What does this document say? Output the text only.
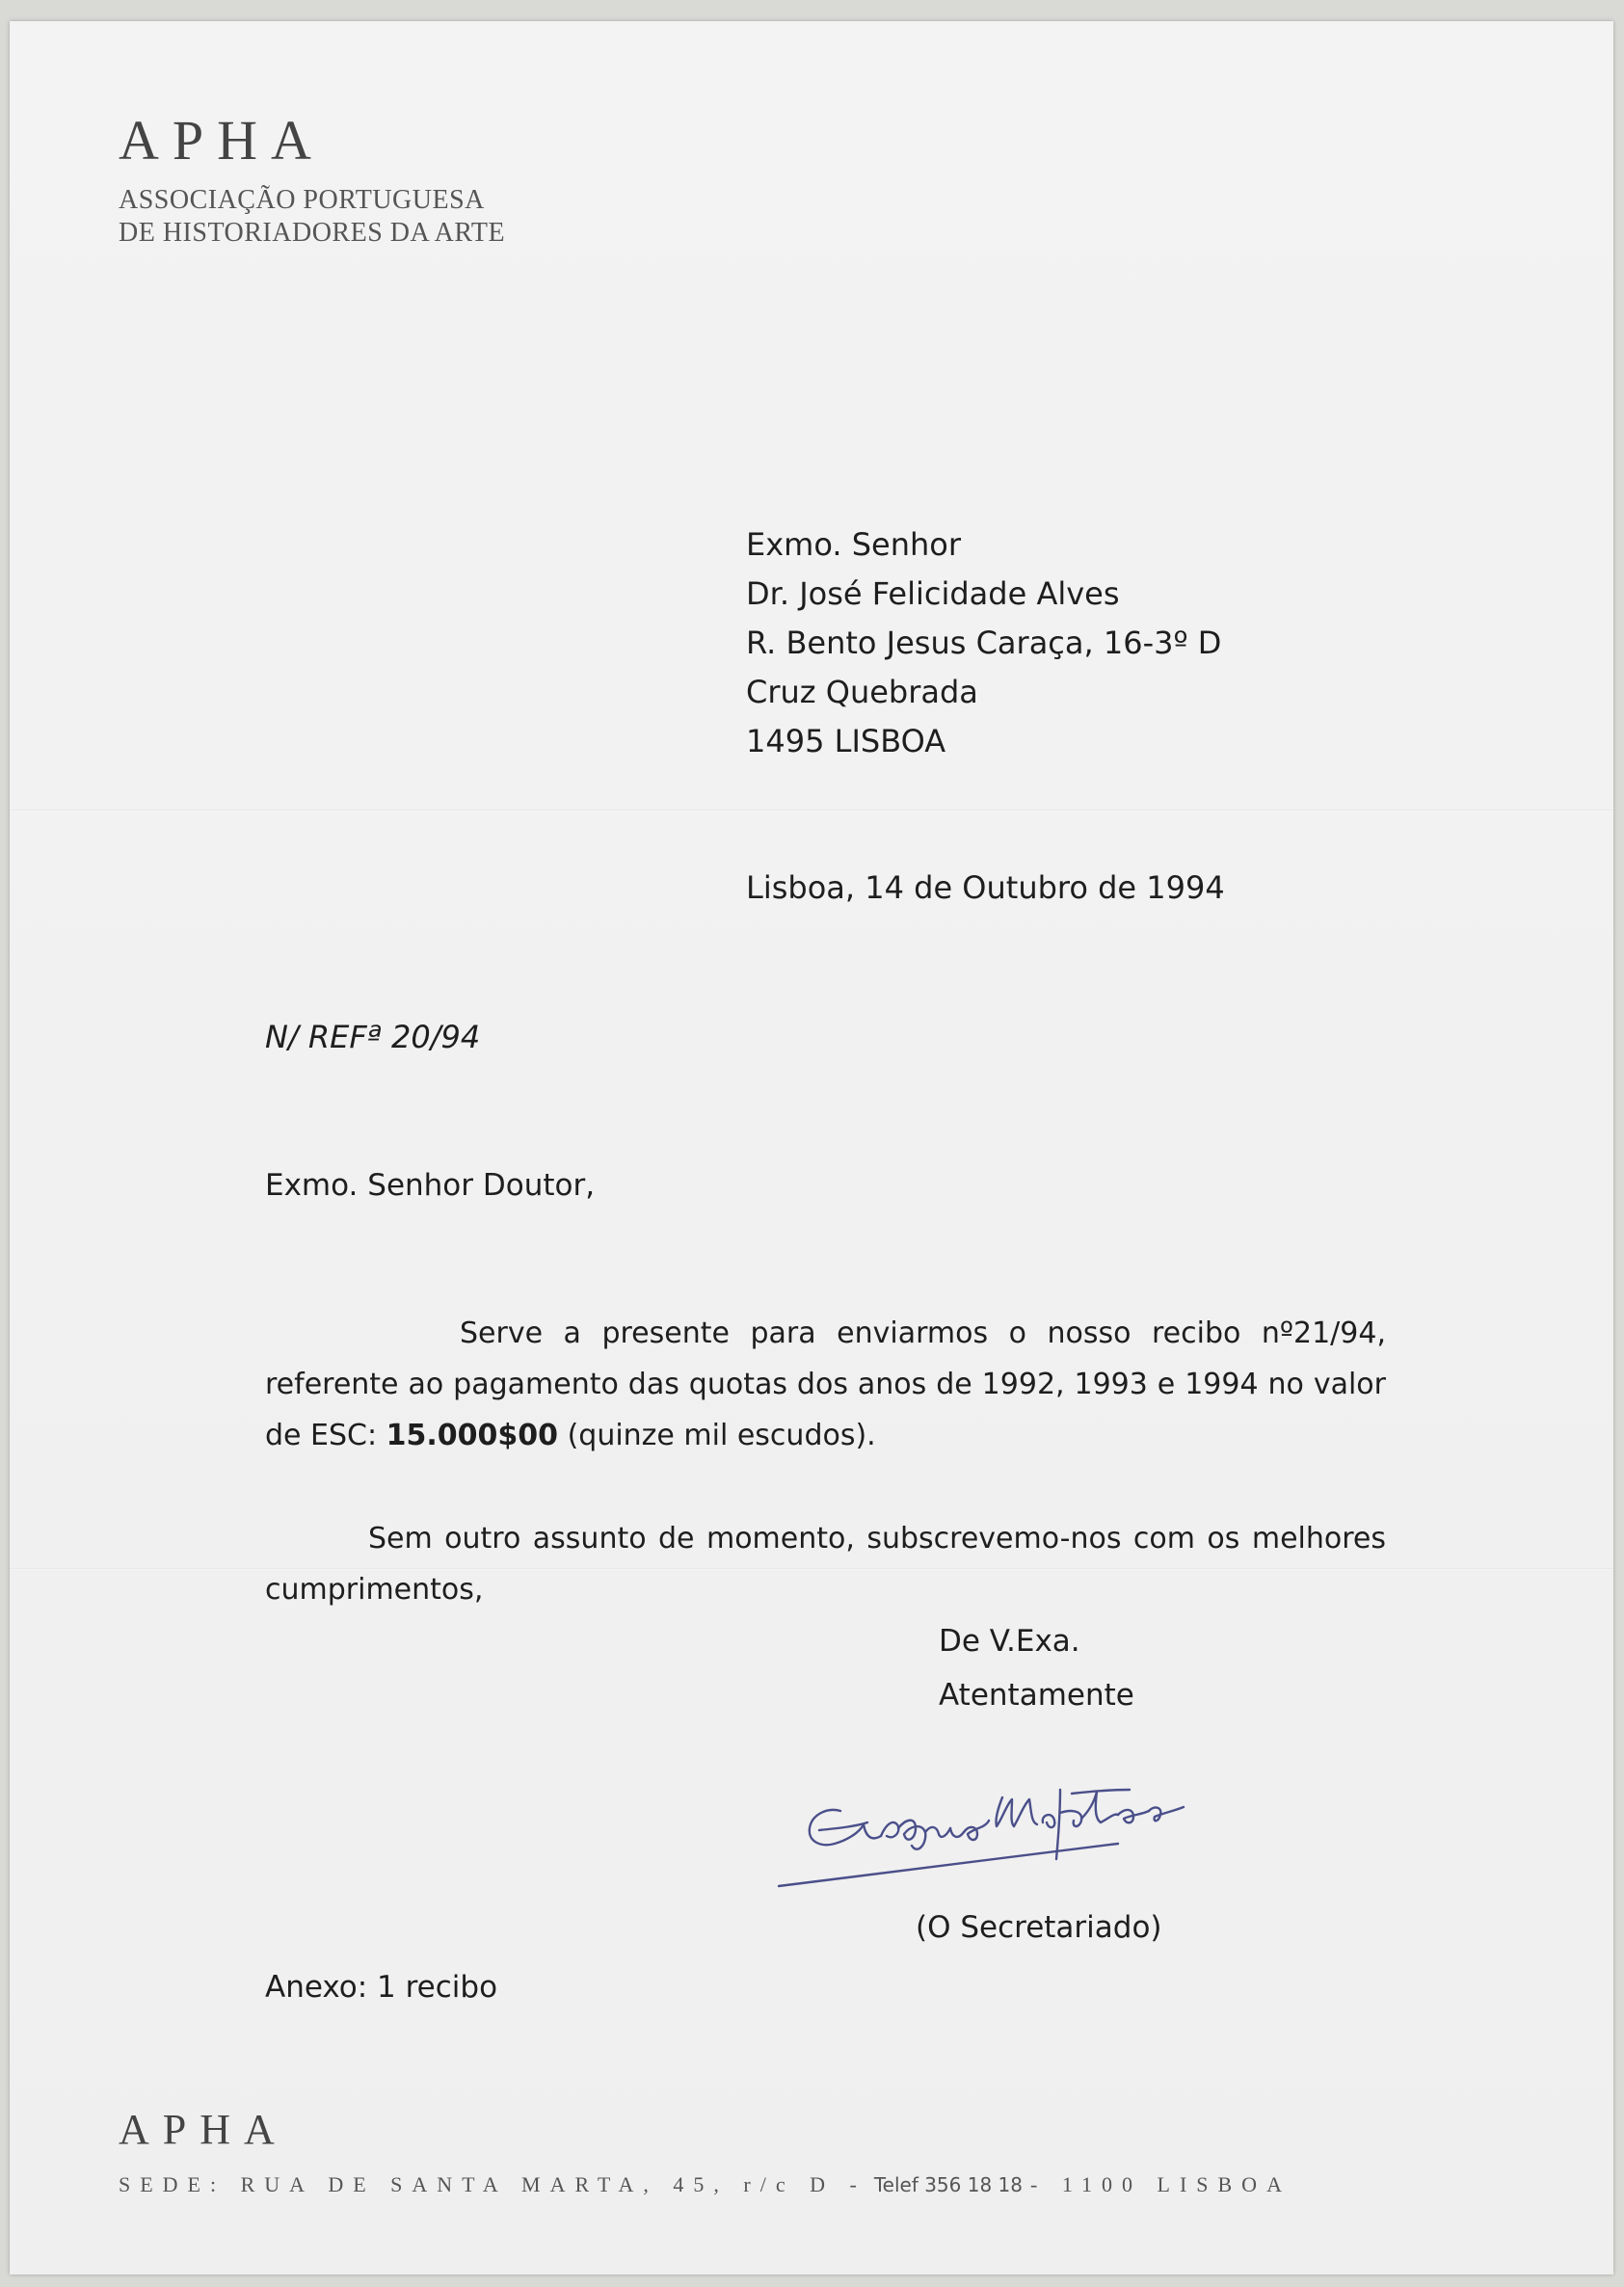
APHA
ASSOCIAÇÃO PORTUGUESA
DE HISTORIADORES DA ARTE
Exmo. Senhor
Dr. José Felicidade Alves
R. Bento Jesus Caraça, 16-3º D
Cruz Quebrada
1495 LISBOA
Lisboa, 14 de Outubro de 1994
N/ REFª 20/94
Exmo. Senhor Doutor,
Serve a presente para enviarmos o nosso recibo nº21/94, referente ao pagamento das quotas dos anos de 1992, 1993 e 1994 no valor de ESC: 15.000$00 (quinze mil escudos).
Sem outro assunto de momento, subscrevemo-nos com os melhores cumprimentos,
De V.Exa.
Atentamente
(O Secretariado)
Anexo: 1 recibo
APHA
SEDE: RUA DE SANTA MARTA, 45, r/c D - Telef 356 18 18 - 1100 LISBOA
